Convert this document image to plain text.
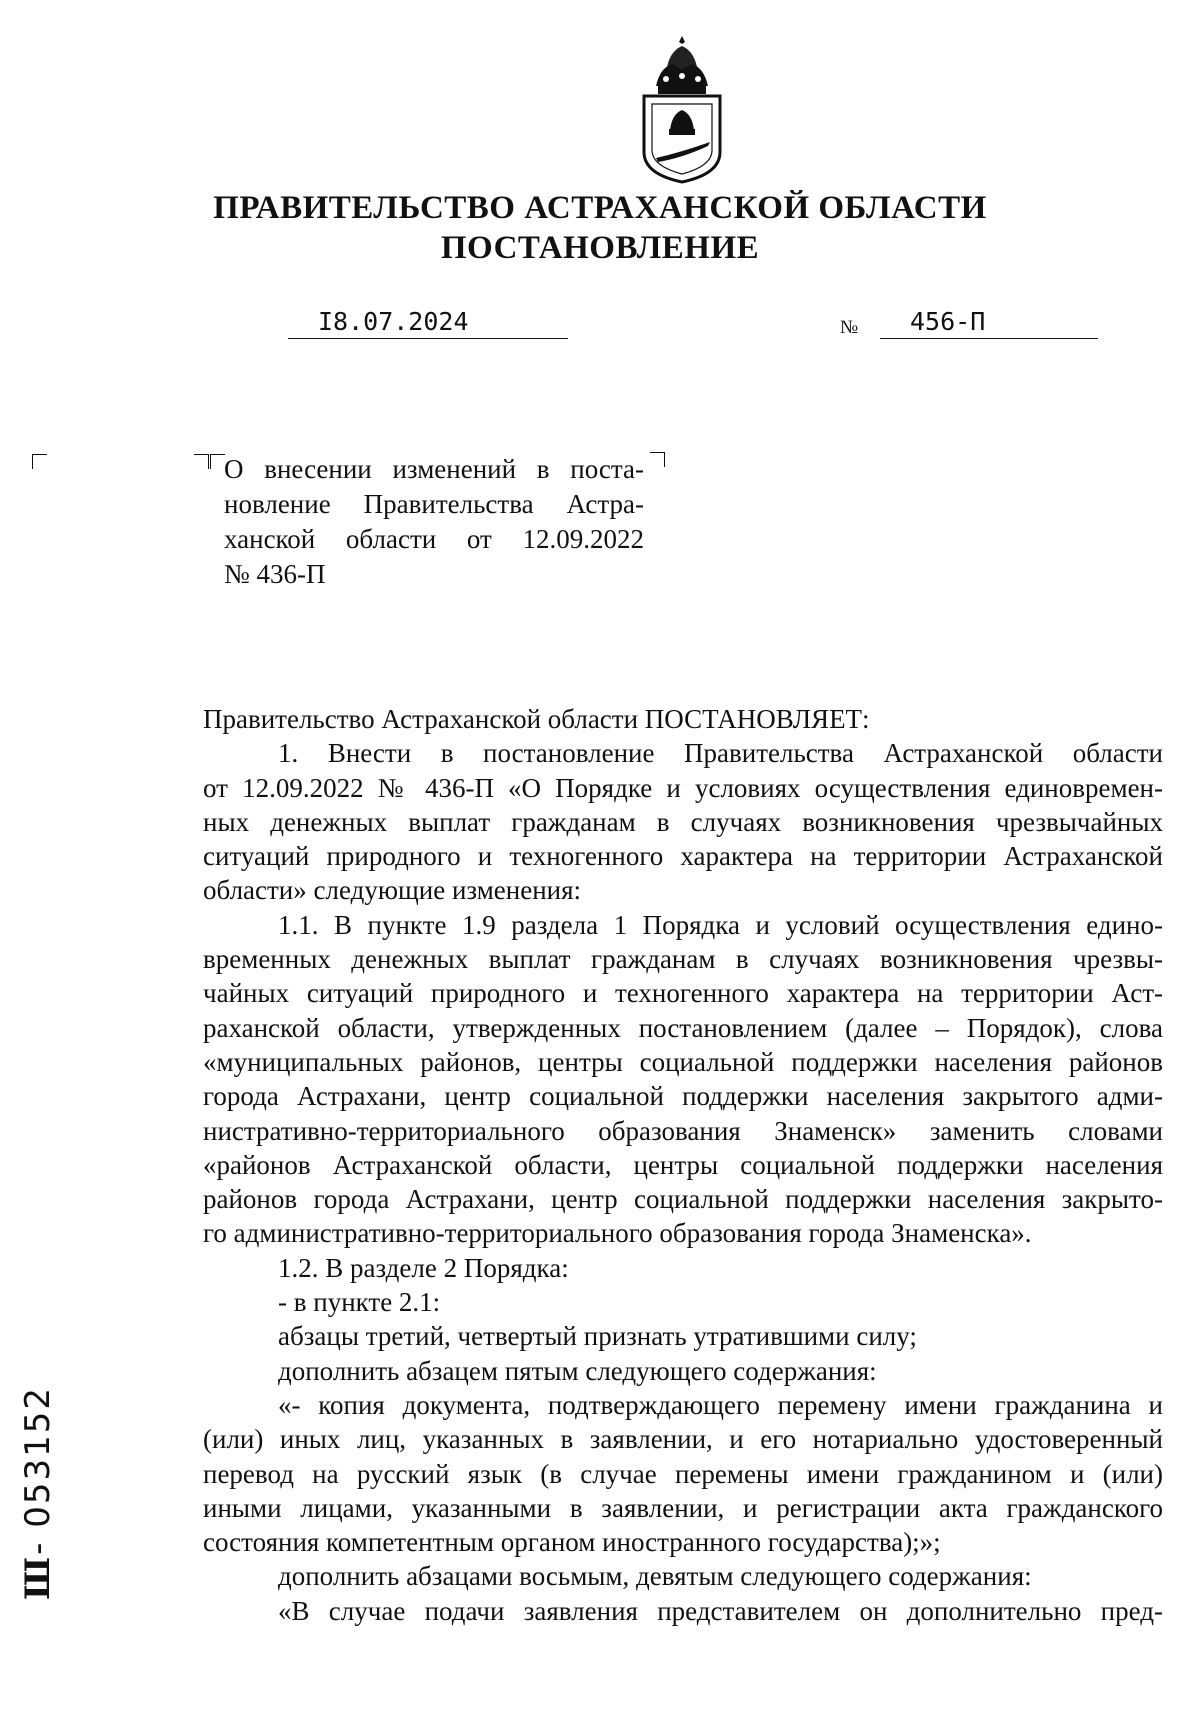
ПРАВИТЕЛЬСТВО АСТРАХАНСКОЙ ОБЛАСТИ
ПОСТАНОВЛЕНИЕ
I8.07.2024	№ 456-П
О внесении изменений в поста-
новление Правительства Астра-
ханской области от 12.09.2022
№ 436-П

Правительство Астраханской области ПОСТАНОВЛЯЕТ:

1. Внести в постановление Правительства Астраханской области

от 12.09.2022 № 436-П «О Порядке и условиях осуществления единовремен-

ных денежных выплат гражданам в случаях возникновения чрезвычайных

ситуаций природного и техногенного характера на территории Астраханской

области» следующие изменения:

1.1. В пункте 1.9 раздела 1 Порядка и условий осуществления едино-

временных денежных выплат гражданам в случаях возникновения чрезвы-

чайных ситуаций природного и техногенного характера на территории Аст-

раханской области, утвержденных постановлением (далее – Порядок), слова

«муниципальных районов, центры социальной поддержки населения районов

города Астрахани, центр социальной поддержки населения закрытого адми-

нистративно-территориального образования Знаменск» заменить словами

«районов Астраханской области, центры социальной поддержки населения

районов города Астрахани, центр социальной поддержки населения закрыто-

го административно-территориального образования города Знаменска».

1.2. В разделе 2 Порядка:

- в пункте 2.1:

абзацы третий, четвертый признать утратившими силу;

дополнить абзацем пятым следующего содержания:

«- копия документа, подтверждающего перемену имени гражданина и

(или) иных лиц, указанных в заявлении, и его нотариально удостоверенный

перевод на русский язык (в случае перемены имени гражданином и (или)

иными лицами, указанными в заявлении, и регистрации акта гражданского

состояния компетентным органом иностранного государства);»;

дополнить абзацами восьмым, девятым следующего содержания:

«В случае подачи заявления представителем он дополнительно пред-

Ш- 053152
